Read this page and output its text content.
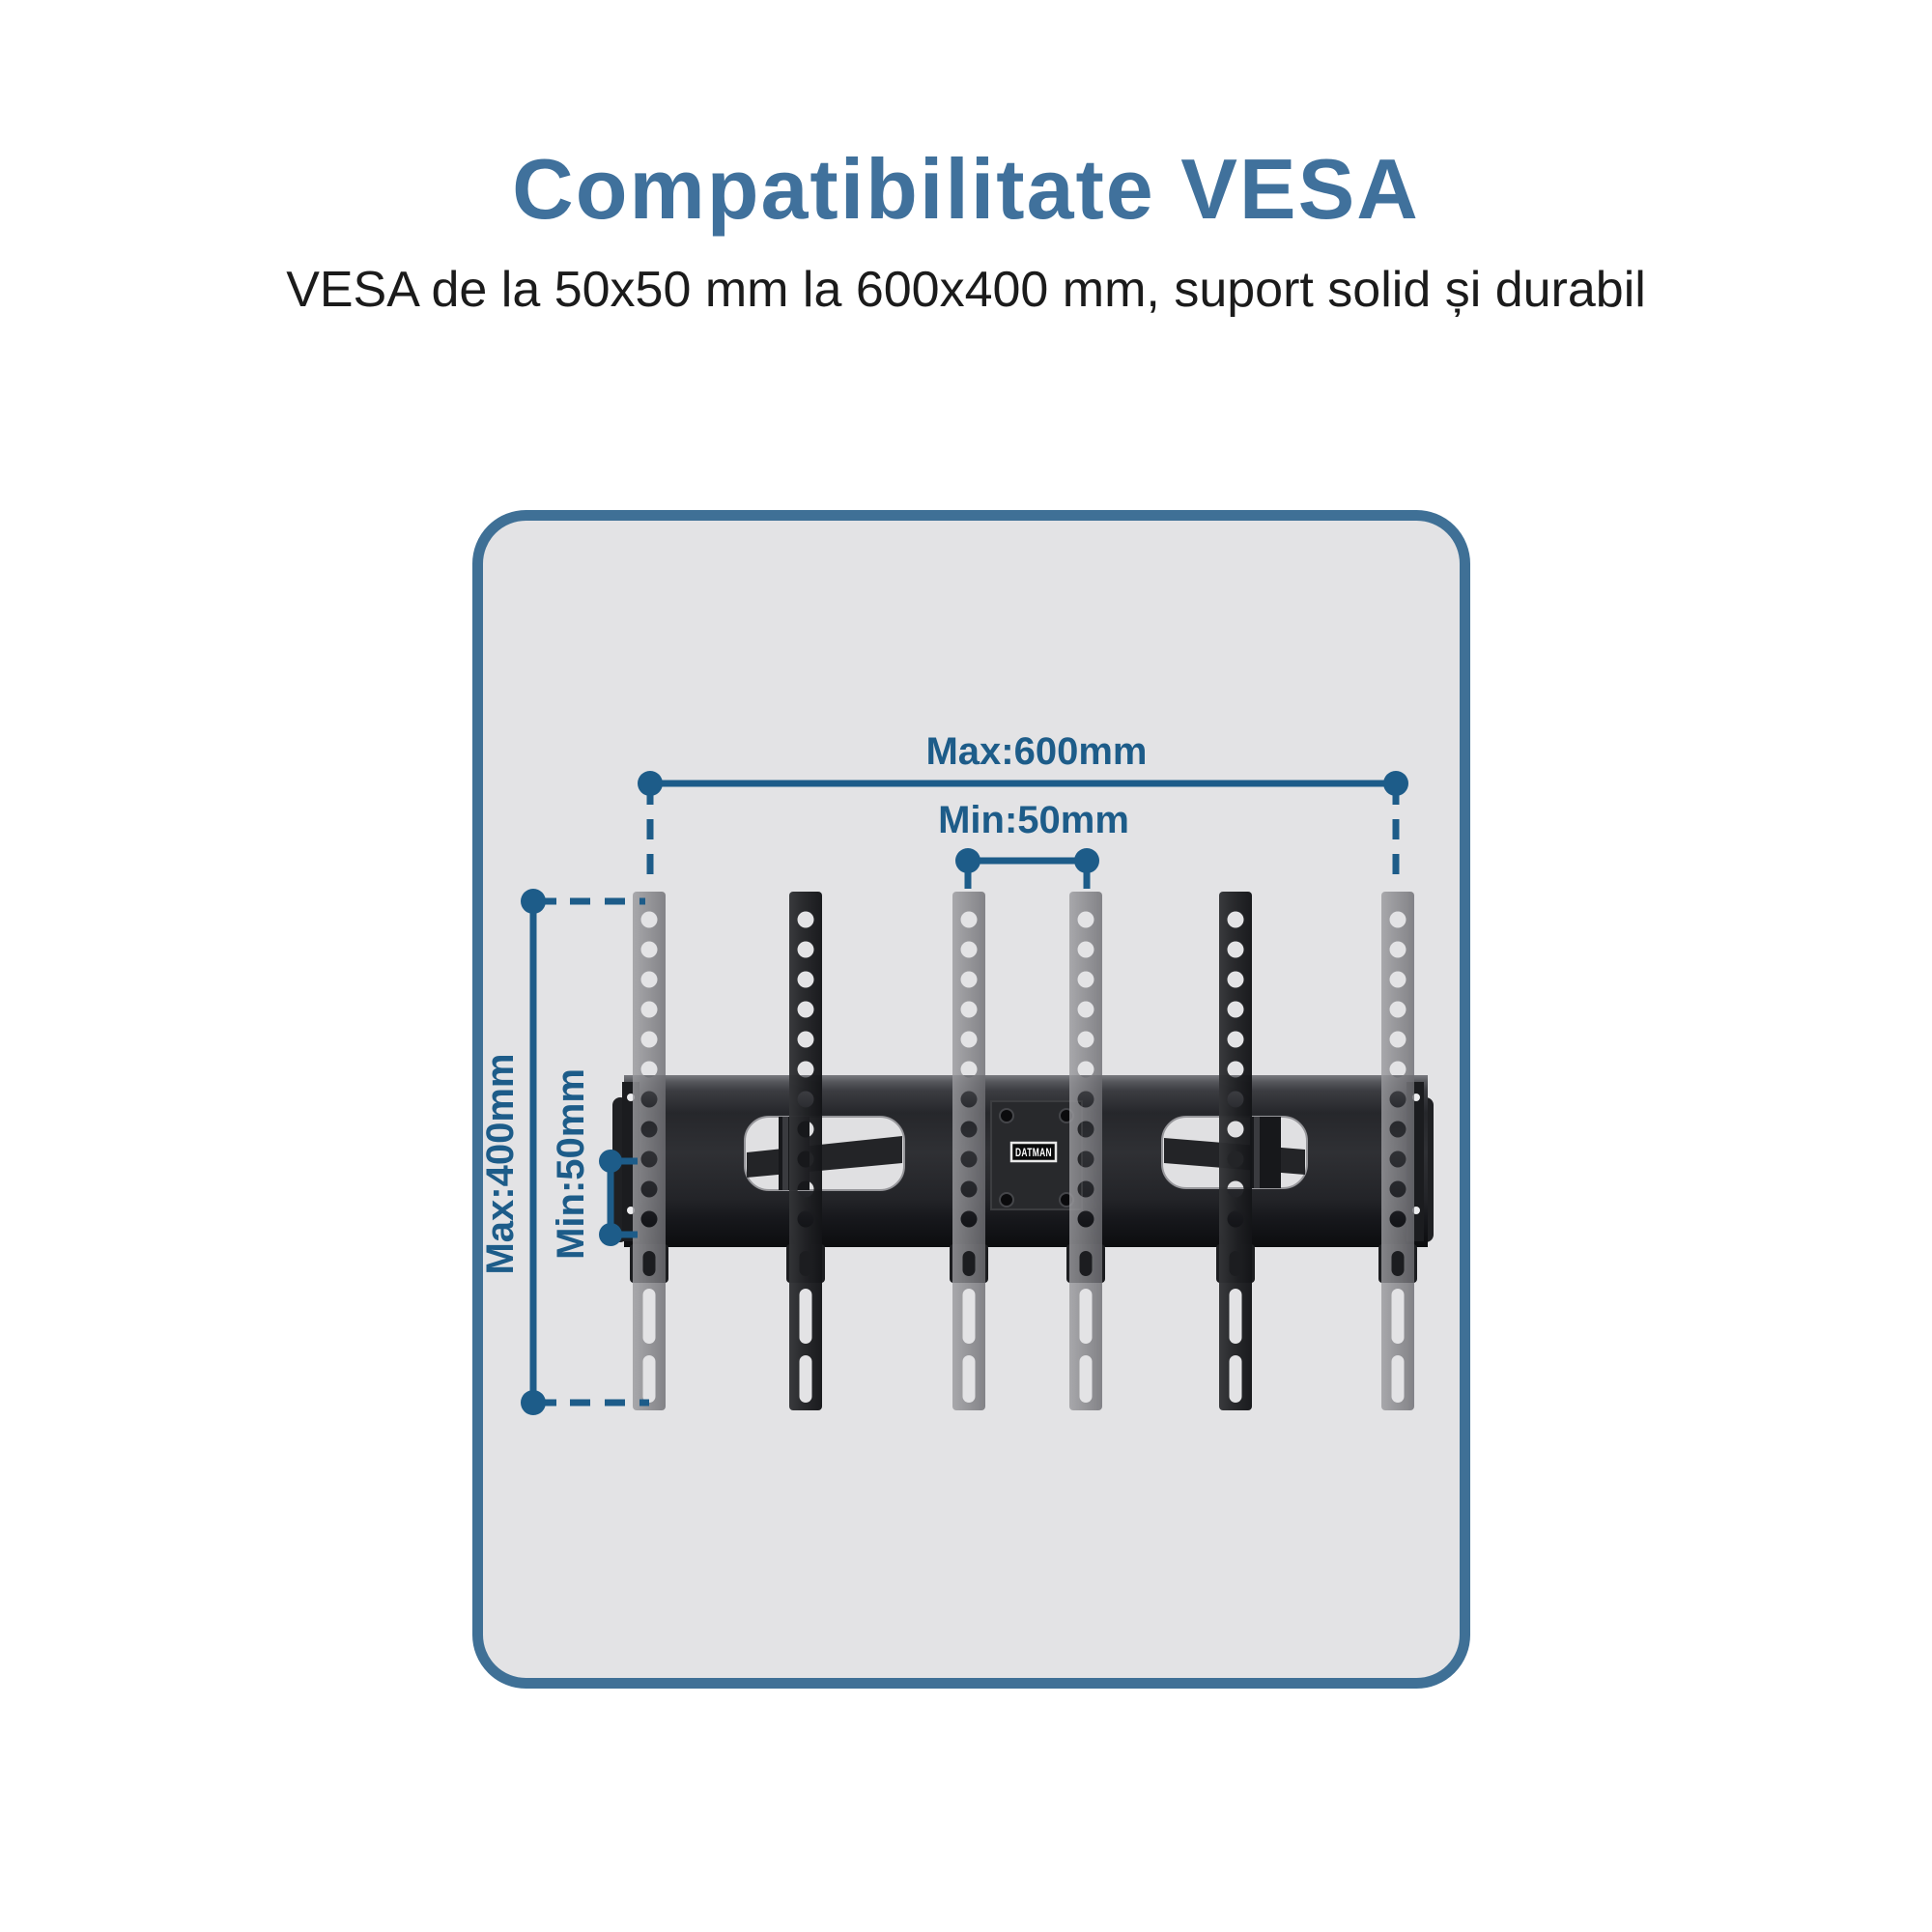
Compatibilitate VESA
VESA de la 50x50 mm la 600x400 mm, suport solid și durabil
DATMAN
Max:600mm
Min:50mm
Max:400mm Min:50mm
